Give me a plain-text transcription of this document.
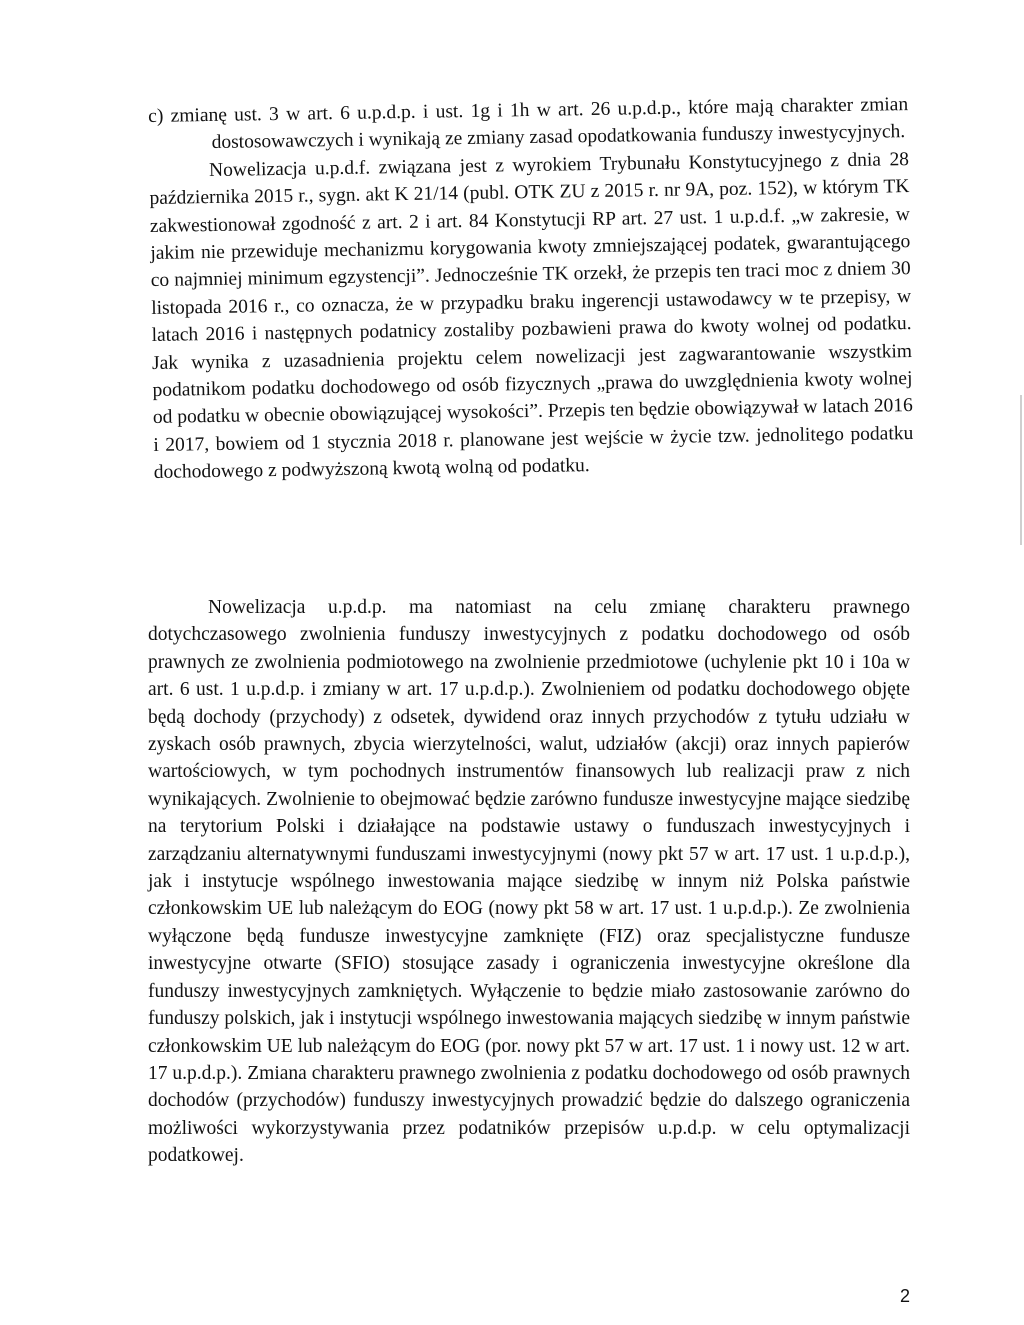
c) zmianę ust. 3 w art. 6 u.p.d.p. i ust. 1g i 1h w art. 26 u.p.d.p., które mają charakter zmian dostosowawczych i wynikają ze zmiany zasad opodatkowania funduszy inwestycyjnych.

Nowelizacja u.p.d.f. związana jest z wyrokiem Trybunału Konstytucyjnego z dnia 28 października 2015 r., sygn. akt K 21/14 (publ. OTK ZU z 2015 r. nr 9A, poz. 152), w którym TK zakwestionował zgodność z art. 2 i art. 84 Konstytucji RP art. 27 ust. 1 u.p.d.f. „w zakresie, w jakim nie przewiduje mechanizmu korygowania kwoty zmniejszającej podatek, gwarantującego co najmniej minimum egzystencji”. Jednocześnie TK orzekł, że przepis ten traci moc z dniem 30 listopada 2016 r., co oznacza, że w przypadku braku ingerencji ustawodawcy w te przepisy, w latach 2016 i następnych podatnicy zostaliby pozbawieni prawa do kwoty wolnej od podatku. Jak wynika z uzasadnienia projektu celem nowelizacji jest zagwarantowanie wszystkim podatnikom podatku dochodowego od osób fizycznych „prawa do uwzględnienia kwoty wolnej od podatku w obecnie obowiązującej wysokości”. Przepis ten będzie obowiązywał w latach 2016 i 2017, bowiem od 1 stycznia 2018 r. planowane jest wejście w życie tzw. jednolitego podatku dochodowego z podwyższoną kwotą wolną od podatku.

Nowelizacja u.p.d.p. ma natomiast na celu zmianę charakteru prawnego dotychczasowego zwolnienia funduszy inwestycyjnych z podatku dochodowego od osób prawnych ze zwolnienia podmiotowego na zwolnienie przedmiotowe (uchylenie pkt 10 i 10a w art. 6 ust. 1 u.p.d.p. i zmiany w art. 17 u.p.d.p.). Zwolnieniem od podatku dochodowego objęte będą dochody (przychody) z odsetek, dywidend oraz innych przychodów z tytułu udziału w zyskach osób prawnych, zbycia wierzytelności, walut, udziałów (akcji) oraz innych papierów wartościowych, w tym pochodnych instrumentów finansowych lub realizacji praw z nich wynikających. Zwolnienie to obejmować będzie zarówno fundusze inwestycyjne mające siedzibę na terytorium Polski i działające na podstawie ustawy o funduszach inwestycyjnych i zarządzaniu alternatywnymi funduszami inwestycyjnymi (nowy pkt 57 w art. 17 ust. 1 u.p.d.p.), jak i instytucje wspólnego inwestowania mające siedzibę w innym niż Polska państwie członkowskim UE lub należącym do EOG (nowy pkt 58 w art. 17 ust. 1 u.p.d.p.). Ze zwolnienia wyłączone będą fundusze inwestycyjne zamknięte (FIZ) oraz specjalistyczne fundusze inwestycyjne otwarte (SFIO) stosujące zasady i ograniczenia inwestycyjne określone dla funduszy inwestycyjnych zamkniętych. Wyłączenie to będzie miało zastosowanie zarówno do funduszy polskich, jak i instytucji wspólnego inwestowania mających siedzibę w innym państwie członkowskim UE lub należącym do EOG (por. nowy pkt 57 w art. 17 ust. 1 i nowy ust. 12 w art. 17 u.p.d.p.). Zmiana charakteru prawnego zwolnienia z podatku dochodowego od osób prawnych dochodów (przychodów) funduszy inwestycyjnych prowadzić będzie do dalszego ograniczenia możliwości wykorzystywania przez podatników przepisów u.p.d.p. w celu optymalizacji podatkowej.

2
